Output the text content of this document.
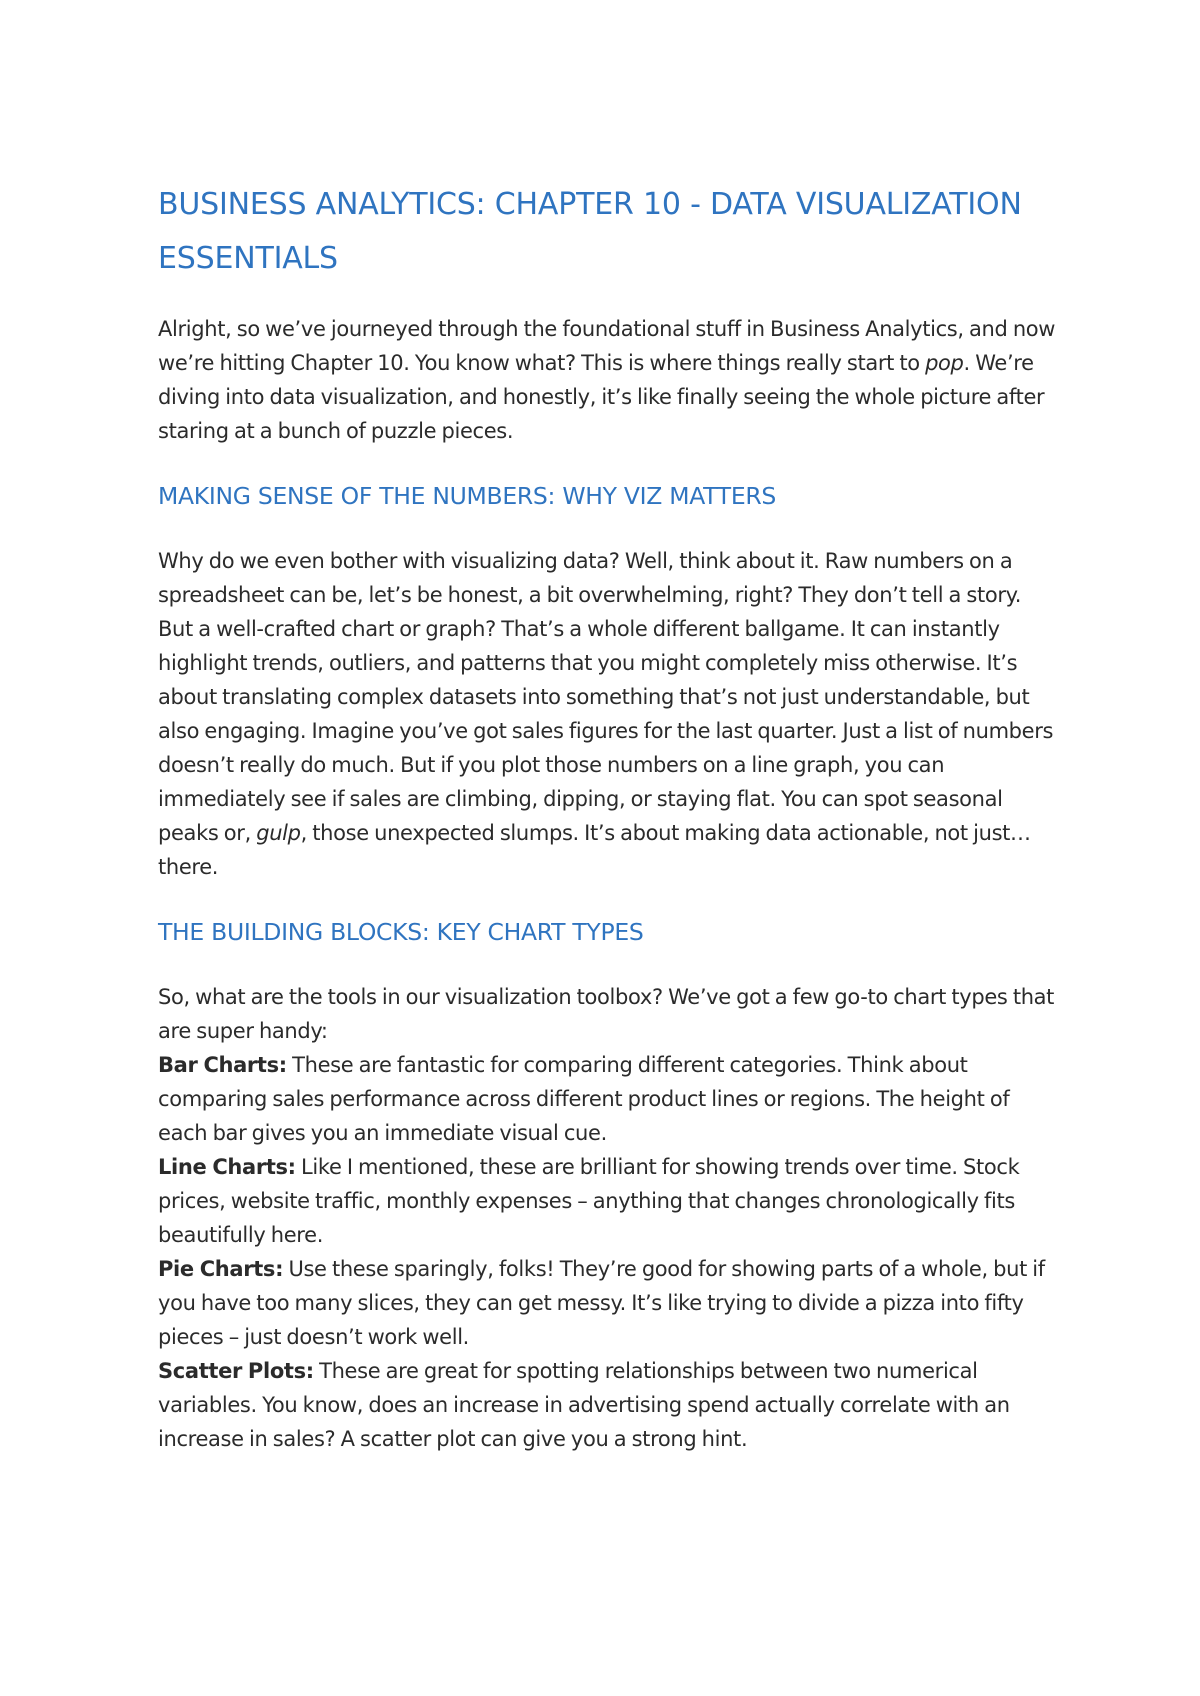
BUSINESS ANALYTICS: CHAPTER 10 - DATA VISUALIZATION ESSENTIALS

Alright, so we’ve journeyed through the foundational stuff in Business Analytics, and now we’re hitting Chapter 10. You know what? This is where things really start to pop. We’re diving into data visualization, and honestly, it’s like finally seeing the whole picture after staring at a bunch of puzzle pieces.

MAKING SENSE OF THE NUMBERS: WHY VIZ MATTERS

Why do we even bother with visualizing data? Well, think about it. Raw numbers on a spreadsheet can be, let’s be honest, a bit overwhelming, right? They don’t tell a story. But a well-crafted chart or graph? That’s a whole different ballgame. It can instantly highlight trends, outliers, and patterns that you might completely miss otherwise. It’s about translating complex datasets into something that’s not just understandable, but also engaging. Imagine you’ve got sales figures for the last quarter. Just a list of numbers doesn’t really do much. But if you plot those numbers on a line graph, you can immediately see if sales are climbing, dipping, or staying flat. You can spot seasonal peaks or, gulp, those unexpected slumps. It’s about making data actionable, not just… there.

THE BUILDING BLOCKS: KEY CHART TYPES

So, what are the tools in our visualization toolbox? We’ve got a few go-to chart types that are super handy:

Bar Charts: These are fantastic for comparing different categories. Think about comparing sales performance across different product lines or regions. The height of each bar gives you an immediate visual cue.
Line Charts: Like I mentioned, these are brilliant for showing trends over time. Stock prices, website traffic, monthly expenses – anything that changes chronologically fits beautifully here.
Pie Charts: Use these sparingly, folks! They’re good for showing parts of a whole, but if you have too many slices, they can get messy. It’s like trying to divide a pizza into fifty pieces – just doesn’t work well.
Scatter Plots: These are great for spotting relationships between two numerical variables. You know, does an increase in advertising spend actually correlate with an increase in sales? A scatter plot can give you a strong hint.
